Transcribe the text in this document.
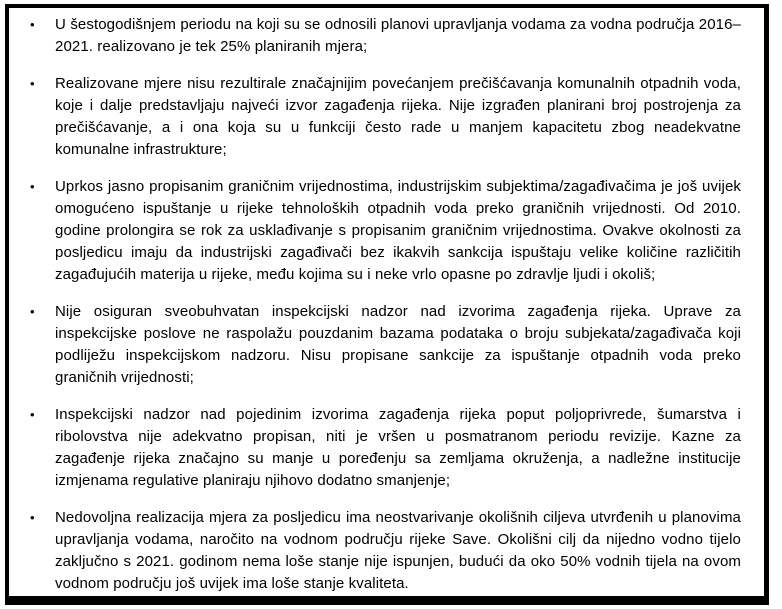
•	U šestogodišnjem periodu na koji su se odnosili planovi upravljanja vodama za vodna područja 2016–2021. realizovano je tek 25% planiranih mjera;
•	Realizovane mjere nisu rezultirale značajnijim povećanjem prečišćavanja komunalnih otpadnih voda, koje i dalje predstavljaju najveći izvor zagađenja rijeka. Nije izgrađen planirani broj postrojenja za prečišćavanje, a i ona koja su u funkciji često rade u manjem kapacitetu zbog neadekvatne komunalne infrastrukture;
•	Uprkos jasno propisanim graničnim vrijednostima, industrijskim subjektima/zagađivačima je još uvijek omogućeno ispuštanje u rijeke tehnoloških otpadnih voda preko graničnih vrijednosti. Od 2010. godine prolongira se rok za usklađivanje s propisanim graničnim vrijednostima. Ovakve okolnosti za posljedicu imaju da industrijski zagađivači bez ikakvih sankcija ispuštaju velike količine različitih zagađujućih materija u rijeke, među kojima su i neke vrlo opasne po zdravlje ljudi i okoliš;
•	Nije osiguran sveobuhvatan inspekcijski nadzor nad izvorima zagađenja rijeka. Uprave za inspekcijske poslove ne raspolažu pouzdanim bazama podataka o broju subjekata/zagađivača koji podliježu inspekcijskom nadzoru. Nisu propisane sankcije za ispuštanje otpadnih voda preko graničnih vrijednosti;
•	Inspekcijski nadzor nad pojedinim izvorima zagađenja rijeka poput poljoprivrede, šumarstva i ribolovstva nije adekvatno propisan, niti je vršen u posmatranom periodu revizije. Kazne za zagađenje rijeka značajno su manje u poređenju sa zemljama okruženja, a nadležne institucije izmjenama regulative planiraju njihovo dodatno smanjenje;
•	Nedovoljna realizacija mjera za posljedicu ima neostvarivanje okolišnih ciljeva utvrđenih u planovima upravljanja vodama, naročito na vodnom području rijeke Save. Okolišni cilj da nijedno vodno tijelo zaključno s 2021. godinom nema loše stanje nije ispunjen, budući da oko 50% vodnih tijela na ovom vodnom području još uvijek ima loše stanje kvaliteta.
